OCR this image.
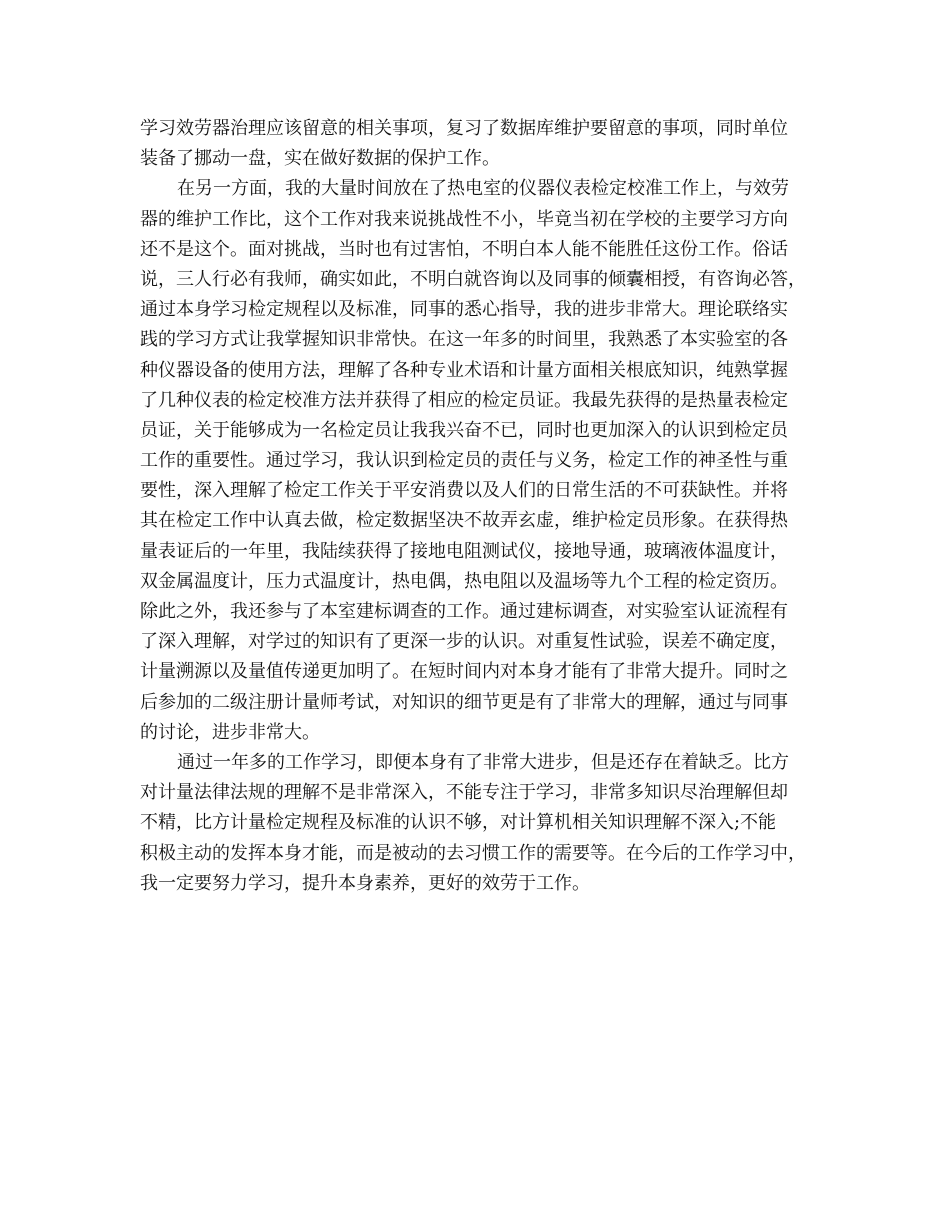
学习效劳器治理应该留意的相关事项，复习了数据库维护要留意的事项，同时单位
装备了挪动一盘，实在做好数据的保护工作。
在另一方面，我的大量时间放在了热电室的仪器仪表检定校准工作上，与效劳
器的维护工作比，这个工作对我来说挑战性不小，毕竟当初在学校的主要学习方向
还不是这个。面对挑战，当时也有过害怕，不明白本人能不能胜任这份工作。俗话
说，三人行必有我师，确实如此，不明白就咨询以及同事的倾囊相授，有咨询必答，
通过本身学习检定规程以及标准，同事的悉心指导，我的进步非常大。理论联络实
践的学习方式让我掌握知识非常快。在这一年多的时间里，我熟悉了本实验室的各
种仪器设备的使用方法，理解了各种专业术语和计量方面相关根底知识，纯熟掌握
了几种仪表的检定校准方法并获得了相应的检定员证。我最先获得的是热量表检定
员证，关于能够成为一名检定员让我我兴奋不已，同时也更加深入的认识到检定员
工作的重要性。通过学习，我认识到检定员的责任与义务，检定工作的神圣性与重
要性，深入理解了检定工作关于平安消费以及人们的日常生活的不可获缺性。并将
其在检定工作中认真去做，检定数据坚决不故弄玄虚，维护检定员形象。在获得热
量表证后的一年里，我陆续获得了接地电阻测试仪，接地导通，玻璃液体温度计，
双金属温度计，压力式温度计，热电偶，热电阻以及温场等九个工程的检定资历。
除此之外，我还参与了本室建标调查的工作。通过建标调查，对实验室认证流程有
了深入理解，对学过的知识有了更深一步的认识。对重复性试验，误差不确定度，
计量溯源以及量值传递更加明了。在短时间内对本身才能有了非常大提升。同时之
后参加的二级注册计量师考试，对知识的细节更是有了非常大的理解，通过与同事
的讨论，进步非常大。
通过一年多的工作学习，即便本身有了非常大进步，但是还存在着缺乏。比方
对计量法律法规的理解不是非常深入，不能专注于学习，非常多知识尽治理解但却
不精，比方计量检定规程及标准的认识不够，对计算机相关知识理解不深入;不能
积极主动的发挥本身才能，而是被动的去习惯工作的需要等。在今后的工作学习中，
我一定要努力学习，提升本身素养，更好的效劳于工作。
